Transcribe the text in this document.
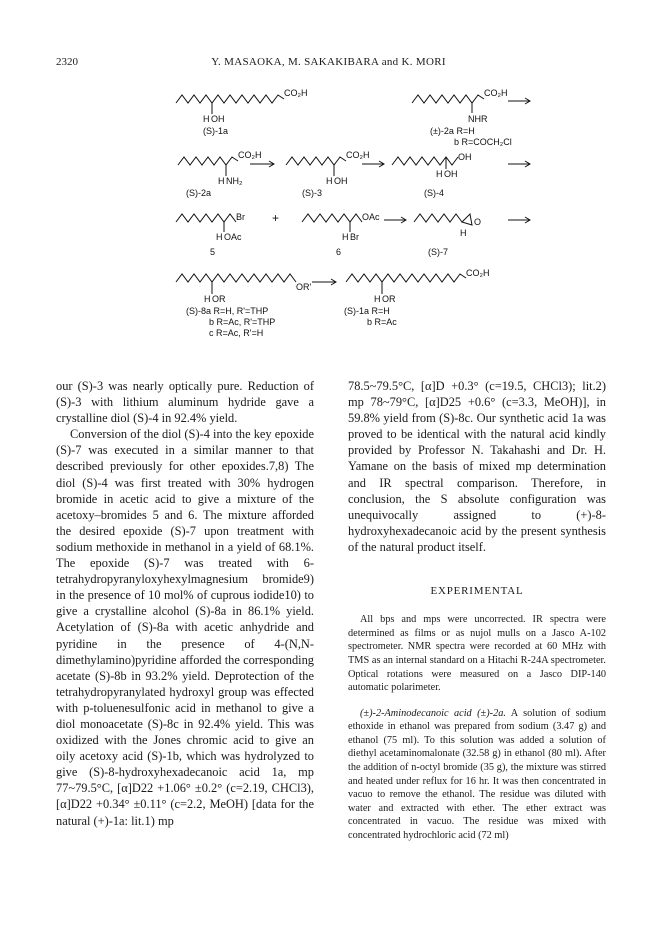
2320	Y. MASAOKA, M. SAKAKIBARA and K. MORI
CO₂H
H OH
(S)-1a
CO₂H
NHR
(±)-2a R=H
b R=COCH₂Cl
CO₂H
H NH₂
(S)-2a
CO₂H
H OH
(S)-3
OH
H OH
(S)-4
Br
H OAc
5
+	OAc
H Br
6
O
H
(S)-7
OR'
H OR
(S)-8a R=H, R'=THP
b R=Ac, R'=THP
c R=Ac, R'=H
CO₂H
H OR
(S)-1a R=H
b R=Ac

our (S)-3 was nearly optically pure. Reduction of (S)-3 with lithium aluminum hydride gave a crystalline diol (S)-4 in 92.4% yield.

Conversion of the diol (S)-4 into the key epoxide (S)-7 was executed in a similar manner to that described previously for other epoxides.7,8) The diol (S)-4 was first treated with 30% hydrogen bromide in acetic acid to give a mixture of the acetoxy–bromides 5 and 6. The mixture afforded the desired epoxide (S)-7 upon treatment with sodium methoxide in methanol in a yield of 68.1%. The epoxide (S)-7 was treated with 6-tetrahydropyranyloxyhexylmagnesium bromide9) in the presence of 10 mol% of cuprous iodide10) to give a crystalline alcohol (S)-8a in 86.1% yield. Acetylation of (S)-8a with acetic anhydride and pyridine in the presence of 4-(N,N-dimethylamino)pyridine afforded the corresponding acetate (S)-8b in 93.2% yield. Deprotection of the tetrahydropyranylated hydroxyl group was effected with p-toluenesulfonic acid in methanol to give a diol monoacetate (S)-8c in 92.4% yield. This was oxidized with the Jones chromic acid to give an oily acetoxy acid (S)-1b, which was hydrolyzed to give (S)-8-hydroxyhexadecanoic acid 1a, mp 77~79.5°C, [α]D22 +1.06° ±0.2° (c=2.19, CHCl3), [α]D22 +0.34° ±0.11° (c=2.2, MeOH) [data for the natural (+)-1a: lit.1) mp

78.5~79.5°C, [α]D +0.3° (c=19.5, CHCl3); lit.2) mp 78~79°C, [α]D25 +0.6° (c=3.3, MeOH)], in 59.8% yield from (S)-8c. Our synthetic acid 1a was proved to be identical with the natural acid kindly provided by Professor N. Takahashi and Dr. H. Yamane on the basis of mixed mp determination and IR spectral comparison. Therefore, in conclusion, the S absolute configuration was unequivocally assigned to (+)-8-hydroxyhexadecanoic acid by the present synthesis of the natural product itself.

EXPERIMENTAL

All bps and mps were uncorrected. IR spectra were determined as films or as nujol mulls on a Jasco A-102 spectrometer. NMR spectra were recorded at 60 MHz with TMS as an internal standard on a Hitachi R-24A spectrometer. Optical rotations were measured on a Jasco DIP-140 automatic polarimeter.

(±)-2-Aminodecanoic acid (±)-2a. A solution of sodium ethoxide in ethanol was prepared from sodium (3.47 g) and ethanol (75 ml). To this solution was added a solution of diethyl acetaminomalonate (32.58 g) in ethanol (80 ml). After the addition of n-octyl bromide (35 g), the mixture was stirred and heated under reflux for 16 hr. It was then concentrated in vacuo to remove the ethanol. The residue was diluted with water and extracted with ether. The ether extract was concentrated in vacuo. The residue was mixed with concentrated hydrochloric acid (72 ml)
